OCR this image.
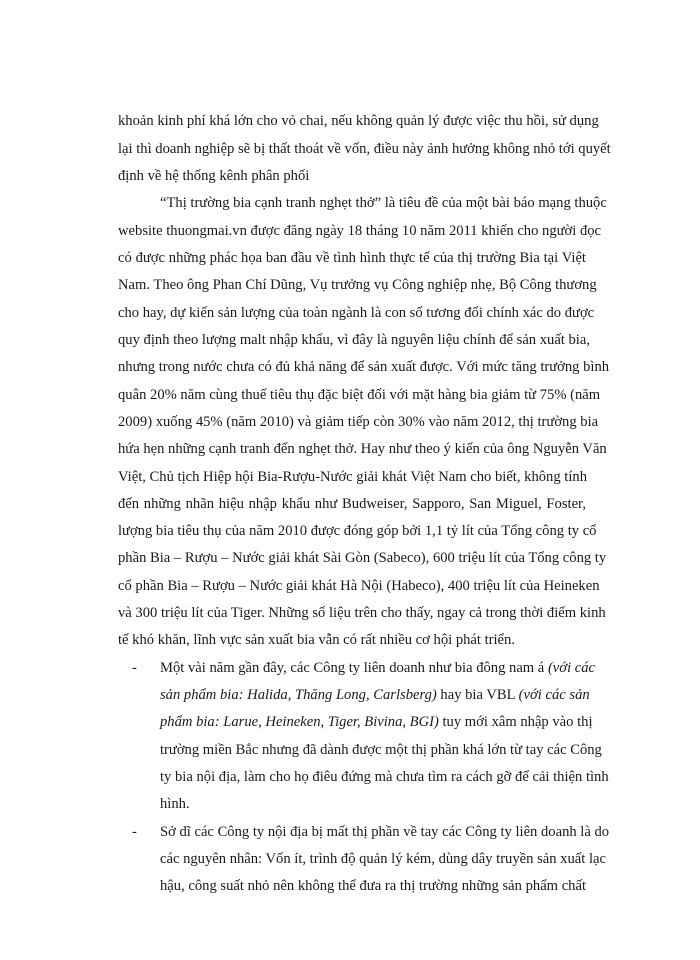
khoản kinh phí khá lớn cho vỏ chai, nếu không quản lý được việc thu hồi, sử dụng
lại thì doanh nghiệp sẽ bị thất thoát về vốn, điều này ảnh hưởng không nhỏ tới quyết
định về hệ thống kênh phân phối
“Thị trường bia cạnh tranh nghẹt thở” là tiêu đề của một bài báo mạng thuộc
website thuongmai.vn được đăng ngày 18 tháng 10 năm 2011 khiến cho người đọc
có được những phác họa ban đầu về tình hình thực tế của thị trường Bia tại Việt
Nam. Theo ông Phan Chí Dũng, Vụ trưởng vụ Công nghiệp nhẹ, Bộ Công thương
cho hay, dự kiến sản lượng của toàn ngành là con số tương đối chính xác do được
quy định theo lượng malt nhập khẩu, vì đây là nguyên liệu chính để sản xuất bia,
nhưng trong nước chưa có đủ khả năng để sản xuất được. Với mức tăng trưởng bình
quân 20% năm cùng thuế tiêu thụ đặc biệt đối với mặt hàng bia giảm từ 75% (năm
2009) xuống 45% (năm 2010) và giảm tiếp còn 30% vào năm 2012, thị trường bia
hứa hẹn những cạnh tranh đến nghẹt thở. Hay như theo ý kiến của ông Nguyễn Văn
Việt, Chủ tịch Hiệp hội Bia-Rượu-Nước giải khát Việt Nam cho biết, không tính
đến những nhãn hiệu nhập khẩu như Budweiser, Sapporo, San Miguel, Foster,
lượng bia tiêu thụ của năm 2010 được đóng góp bởi 1,1 tỷ lít của Tổng công ty cổ
phần Bia – Rượu – Nước giải khát Sài Gòn (Sabeco), 600 triệu lít của Tổng công ty
cổ phần Bia – Rượu – Nước giải khát Hà Nội (Habeco), 400 triệu lít của Heineken
và 300 triệu lít của Tiger. Những số liệu trên cho thấy, ngay cả trong thời điểm kinh
tế khó khăn, lĩnh vực sản xuất bia vẫn có rất nhiều cơ hội phát triển.
- Một vài năm gần đây, các Công ty liên doanh như bia đông nam á (với các
sản phẩm bia: Halida, Thăng Long, Carlsberg) hay bia VBL (với các sản
phẩm bia: Larue, Heineken, Tiger, Bivina, BGI) tuy mới xâm nhập vào thị
trường miền Bắc nhưng đã dành được một thị phần khá lớn từ tay các Công
ty bia nội địa, làm cho họ điêu đứng mà chưa tìm ra cách gỡ để cải thiện tình
hình.
- Sở dĩ các Công ty nội địa bị mất thị phần về tay các Công ty liên doanh là do
các nguyên nhân: Vốn ít, trình độ quản lý kém, dùng dây truyền sản xuất lạc
hậu, công suất nhỏ nên không thể đưa ra thị trường những sản phẩm chất
